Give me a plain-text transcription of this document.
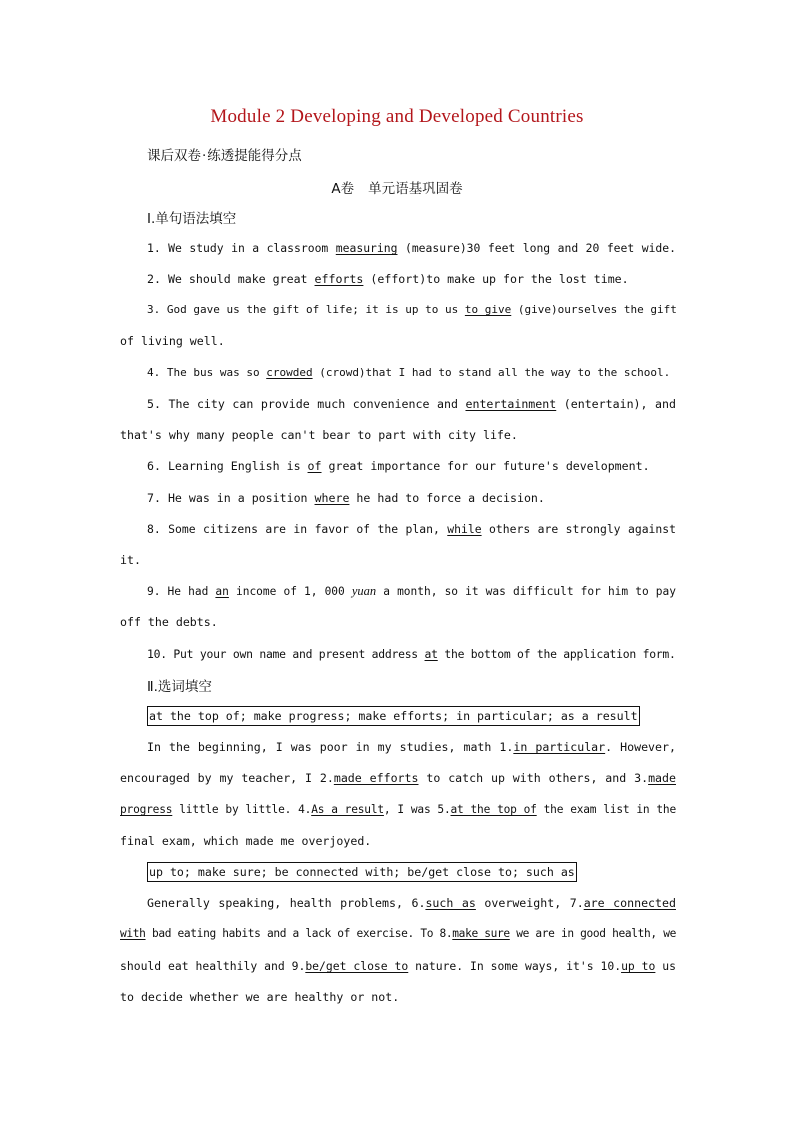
Module 2 Developing and Developed Countries
课后双卷·练透提能得分点
A卷 单元语基巩固卷
Ⅰ.单句语法填空
1. We study in a classroom measuring (measure)30 feet long and 20 feet wide.
2. We should make great efforts (effort)to make up for the lost time.
3. God gave us the gift of life; it is up to us to give (give)ourselves the gift
of living well.
4. The bus was so crowded (crowd)that I had to stand all the way to the school.
5. The city can provide much convenience and entertainment (entertain), and
that's why many people can't bear to part with city life.
6. Learning English is of great importance for our future's development.
7. He was in a position where he had to force a decision.
8. Some citizens are in favor of the plan, while others are strongly against
it.
9. He had an income of 1, 000 yuan a month, so it was difficult for him to pay
off the debts.
10. Put your own name and present address at the bottom of the application form.
Ⅱ.选词填空
at the top of; make progress; make efforts; in particular; as a result
In the beginning, I was poor in my studies, math 1.in particular. However,
encouraged by my teacher, I 2.made efforts to catch up with others, and 3.made
progress little by little. 4.As a result, I was 5.at the top of the exam list in the
final exam, which made me overjoyed.
up to; make sure; be connected with; be/get close to; such as
Generally speaking, health problems, 6.such as overweight, 7.are connected
with bad eating habits and a lack of exercise. To 8.make sure we are in good health, we
should eat healthily and 9.be/get close to nature. In some ways, it's 10.up to us
to decide whether we are healthy or not.
